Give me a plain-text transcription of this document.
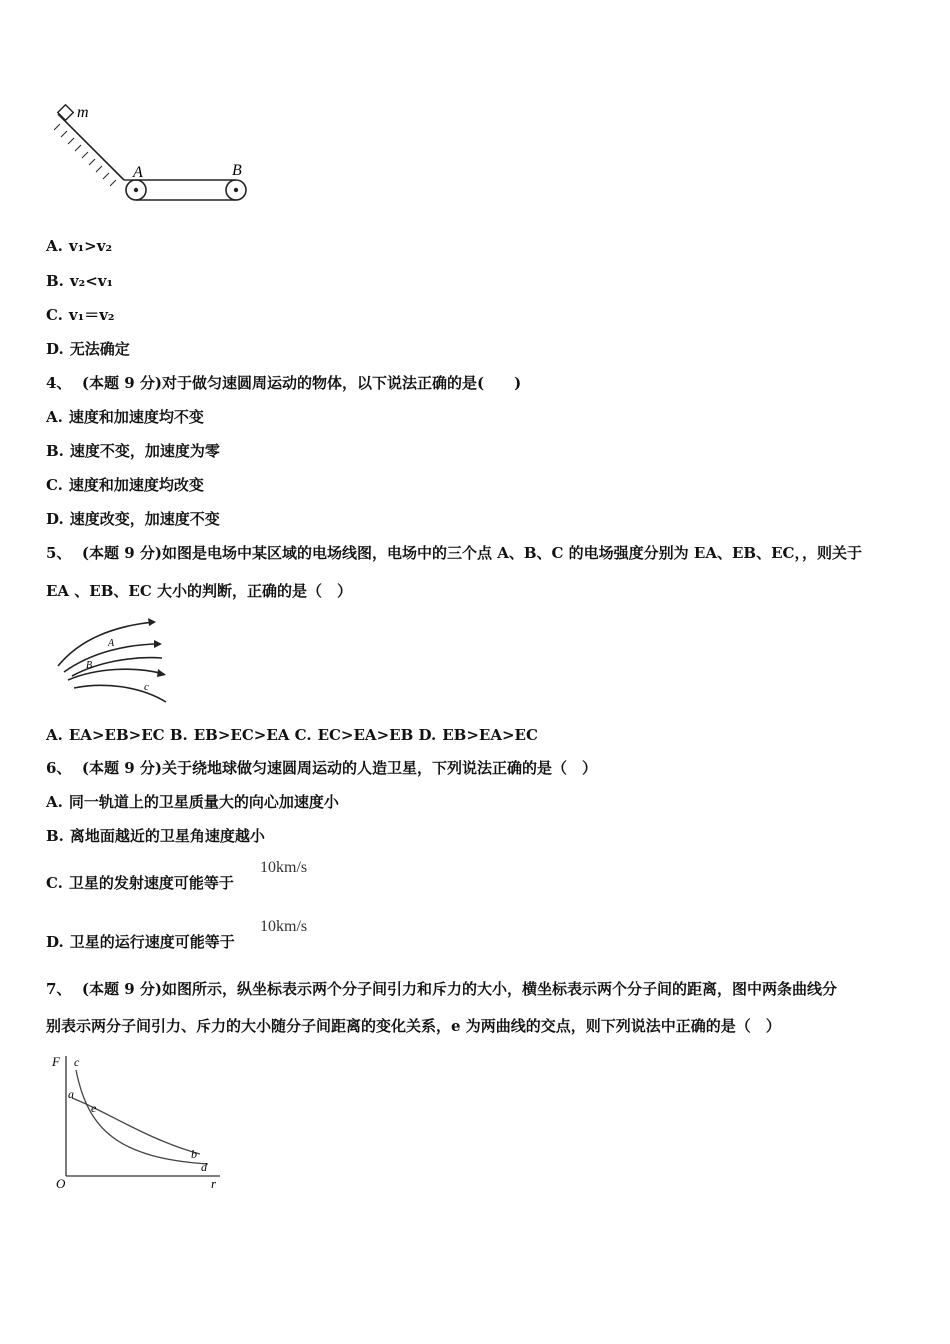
m
A	B
A. v₁>v₂
B. v₂<v₁
C. v₁＝v₂
D. 无法确定
4、 (本题 9 分)对于做匀速圆周运动的物体，以下说法正确的是(　　)
A. 速度和加速度均不变
B. 速度不变，加速度为零
C. 速度和加速度均改变
D. 速度改变，加速度不变
5、 (本题 9 分)如图是电场中某区域的电场线图，电场中的三个点 A、B、C 的电场强度分别为 EA、EB、EC，，则关于
EA 、EB、EC 大小的判断，正确的是（　）
A
B
c
A. EA>EB>EC B. EB>EC>EA C. EC>EA>EB D. EB>EA>EC
6、 (本题 9 分)关于绕地球做匀速圆周运动的人造卫星，下列说法正确的是（　）
A. 同一轨道上的卫星质量大的向心加速度小
B. 离地面越近的卫星角速度越小
C. 卫星的发射速度可能等于
10km/s
D. 卫星的运行速度可能等于
10km/s
7、 (本题 9 分)如图所示，纵坐标表示两个分子间引力和斥力的大小，横坐标表示两个分子间的距离，图中两条曲线分
别表示两分子间引力、斥力的大小随分子间距离的变化关系，e 为两曲线的交点，则下列说法中正确的是（　）
F
r
O
c
a
e
b
d
